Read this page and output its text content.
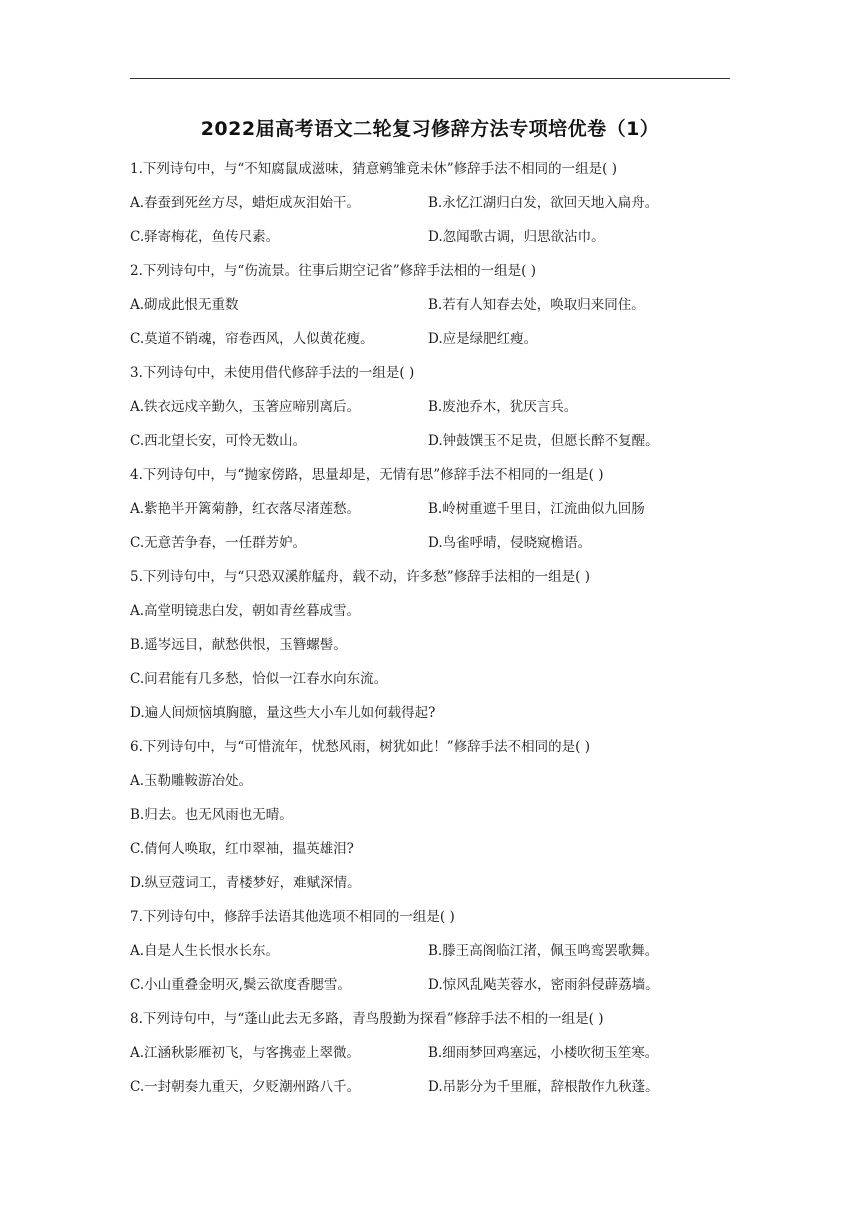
2022届高考语文二轮复习修辞方法专项培优卷（1）
1.下列诗句中，与“不知腐鼠成滋味，猜意鹓雏竟未休”修辞手法不相同的一组是( )
A.春蚕到死丝方尽，蜡炬成灰泪始干。	B.永忆江湖归白发，欲回天地入扁舟。
C.驿寄梅花，鱼传尺素。	D.忽闻歌古调，归思欲沾巾。
2.下列诗句中，与“伤流景。往事后期空记省”修辞手法相的一组是( )
A.砌成此恨无重数	B.若有人知春去处，唤取归来同住。
C.莫道不销魂，帘卷西风，人似黄花瘦。	D.应是绿肥红瘦。
3.下列诗句中，未使用借代修辞手法的一组是( )
A.铁衣远戍辛勤久，玉箸应啼别离后。	B.废池乔木，犹厌言兵。
C.西北望长安，可怜无数山。	D.钟鼓馔玉不足贵，但愿长醉不复醒。
4.下列诗句中，与“抛家傍路，思量却是，无情有思”修辞手法不相同的一组是( )
A.紫艳半开篱菊静，红衣落尽渚莲愁。	B.岭树重遮千里目，江流曲似九回肠
C.无意苦争春，一任群芳妒。	D.鸟雀呼晴，侵晓窥檐语。
5.下列诗句中，与“只恐双溪舴艋舟，载不动，许多愁”修辞手法相的一组是( )
A.高堂明镜悲白发，朝如青丝暮成雪。
B.遥岑远目，献愁供恨，玉簪螺髻。
C.问君能有几多愁，恰似一江春水向东流。
D.遍人间烦恼填胸臆，量这些大小车儿如何载得起?
6.下列诗句中，与“可惜流年，忧愁风雨，树犹如此！”修辞手法不相同的是( )
A.玉勒雕鞍游冶处。
B.归去。也无风雨也无晴。
C.倩何人唤取，红巾翠袖，揾英雄泪?
D.纵豆蔻词工，青楼梦好，难赋深情。
7.下列诗句中，修辞手法语其他选项不相同的一组是( )
A.自是人生长恨水长东。	B.滕王高阁临江渚，佩玉鸣鸾罢歌舞。
C.小山重叠金明灭,鬓云欲度香腮雪。	D.惊风乱飐芙蓉水，密雨斜侵薜荔墙。
8.下列诗句中，与“蓬山此去无多路，青鸟殷勤为探看”修辞手法不相的一组是( )
A.江涵秋影雁初飞，与客携壶上翠微。	B.细雨梦回鸡塞远，小楼吹彻玉笙寒。
C.一封朝奏九重天，夕贬潮州路八千。	D.吊影分为千里雁，辞根散作九秋蓬。
